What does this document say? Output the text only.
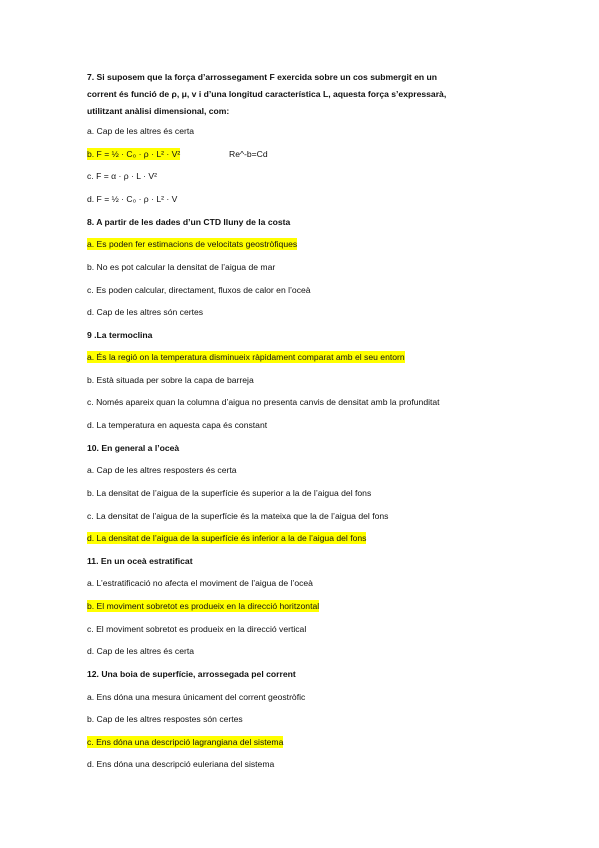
7. Si suposem que la força d’arrossegament F exercida sobre un cos submergit en un
corrent és funció de ρ, μ, v i d’una longitud característica L, aquesta força s’expressarà,
utilitzant anàlisi dimensional, com:
a. Cap de les altres és certa
b. F = ½ · C₀ · ρ · L² · V²	Re^-b=Cd
c. F = α · ρ · L · V²
d. F = ½ · C₀ · ρ · L² · V
8. A partir de les dades d’un CTD lluny de la costa
a. Es poden fer estimacions de velocitats geostròfiques
b. No es pot calcular la densitat de l’aigua de mar
c. Es poden calcular, directament, fluxos de calor en l’oceà
d. Cap de les altres són certes
9 .La termoclina
a. És la regió on la temperatura disminueix ràpidament comparat amb el seu entorn
b. Està situada per sobre la capa de barreja
c. Només apareix quan la columna d’aigua no presenta canvis de densitat amb la profunditat
d. La temperatura en aquesta capa és constant
10. En general a l’oceà
a. Cap de les altres resposters és certa
b. La densitat de l’aigua de la superfície és superior a la de l’aigua del fons
c. La densitat de l’aigua de la superfície és la mateixa que la de l’aigua del fons
d. La densitat de l’aigua de la superfície és inferior a la de l’aigua del fons
11. En un oceà estratificat
a. L’estratificació no afecta el moviment de l’aigua de l’oceà
b. El moviment sobretot es produeix en la direcció horitzontal
c. El moviment sobretot es produeix en la direcció vertical
d. Cap de les altres és certa
12. Una boia de superfície, arrossegada pel corrent
a. Ens dóna una mesura únicament del corrent geostròfic
b. Cap de les altres respostes són certes
c. Ens dóna una descripció lagrangiana del sistema
d. Ens dóna una descripció euleriana del sistema
